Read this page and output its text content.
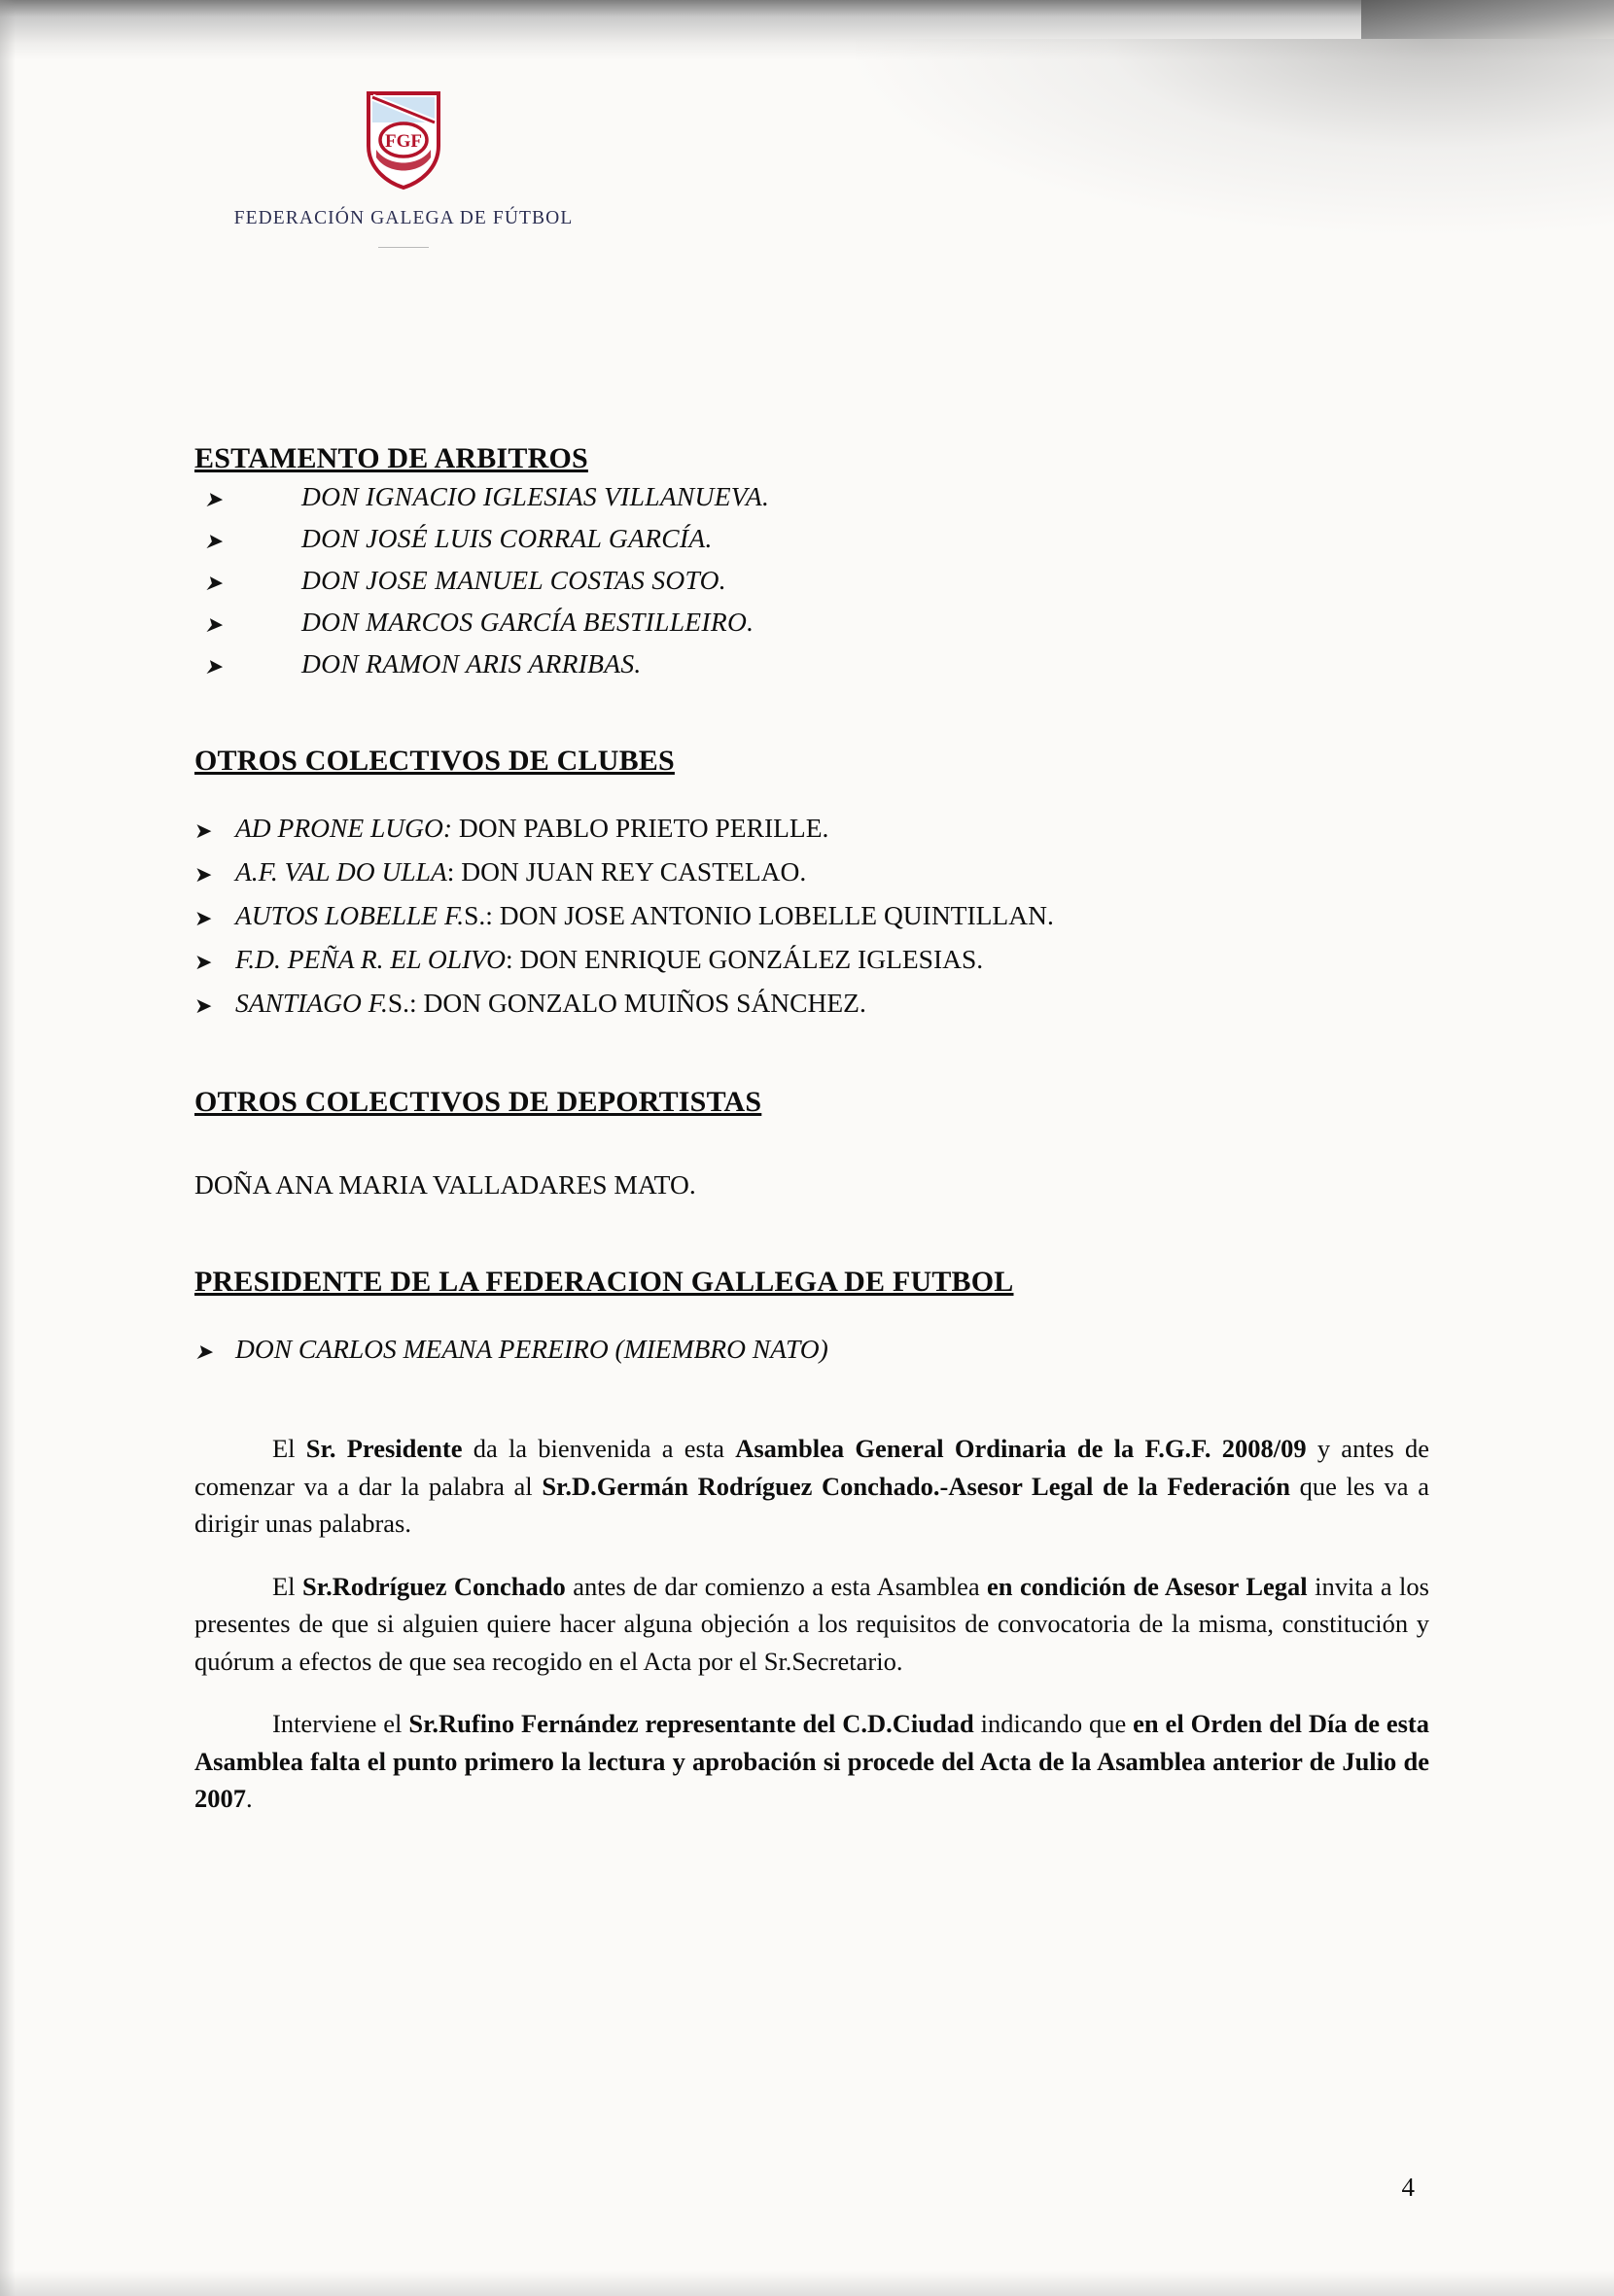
FGF
FEDERACIÓN GALEGA DE FÚTBOL
ESTAMENTO DE ARBITROS
➤	DON IGNACIO IGLESIAS VILLANUEVA.
➤	DON JOSÉ LUIS CORRAL GARCÍA.
➤	DON JOSE MANUEL COSTAS SOTO.
➤	DON MARCOS GARCÍA BESTILLEIRO.
➤	DON RAMON ARIS ARRIBAS.
OTROS COLECTIVOS DE CLUBES
➤ AD PRONE LUGO: DON PABLO PRIETO PERILLE.
➤ A.F. VAL DO ULLA: DON JUAN REY CASTELAO.
➤ AUTOS LOBELLE F.S.: DON JOSE ANTONIO LOBELLE QUINTILLAN.
➤ F.D. PEÑA R. EL OLIVO: DON ENRIQUE GONZÁLEZ IGLESIAS.
➤ SANTIAGO F.S.: DON GONZALO MUIÑOS SÁNCHEZ.
OTROS COLECTIVOS DE DEPORTISTAS

DOÑA ANA MARIA VALLADARES MATO.

PRESIDENTE DE LA FEDERACION GALLEGA DE FUTBOL
➤ DON CARLOS MEANA PEREIRO (MIEMBRO NATO)

El Sr. Presidente da la bienvenida a esta Asamblea General Ordinaria de la F.G.F. 2008/09 y antes de comenzar va a dar la palabra al Sr.D.Germán Rodríguez Conchado.-Asesor Legal de la Federación que les va a dirigir unas palabras.

El Sr.Rodríguez Conchado antes de dar comienzo a esta Asamblea en condición de Asesor Legal invita a los presentes de que si alguien quiere hacer alguna objeción a los requisitos de convocatoria de la misma, constitución y quórum a efectos de que sea recogido en el Acta por el Sr.Secretario.

Interviene el Sr.Rufino Fernández representante del C.D.Ciudad indicando que en el Orden del Día de esta Asamblea falta el punto primero la lectura y aprobación si procede del Acta de la Asamblea anterior de Julio de 2007.

4
